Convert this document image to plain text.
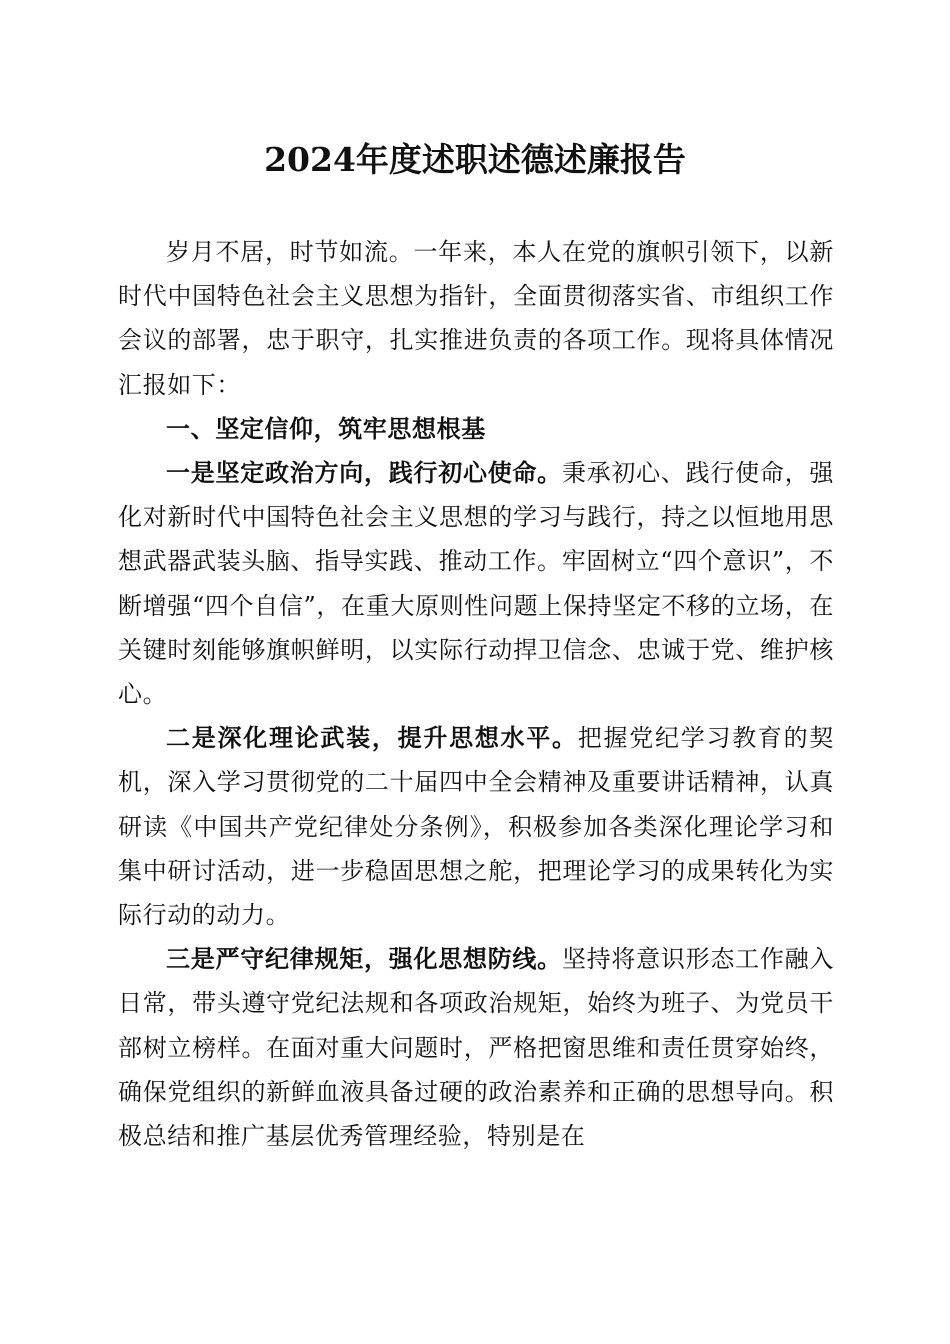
2024年度述职述德述廉报告

岁月不居，时节如流。一年来，本人在党的旗帜引领下，以新时代中国特色社会主义思想为指针，全面贯彻落实省、市组织工作会议的部署，忠于职守，扎实推进负责的各项工作。现将具体情况汇报如下：

一、坚定信仰，筑牢思想根基

一是坚定政治方向，践行初心使命。秉承初心、践行使命，强化对新时代中国特色社会主义思想的学习与践行，持之以恒地用思想武器武装头脑、指导实践、推动工作。牢固树立“四个意识”，不断增强“四个自信”，在重大原则性问题上保持坚定不移的立场，在关键时刻能够旗帜鲜明，以实际行动捍卫信念、忠诚于党、维护核心。

二是深化理论武装，提升思想水平。把握党纪学习教育的契机，深入学习贯彻党的二十届四中全会精神及重要讲话精神，认真研读《中国共产党纪律处分条例》，积极参加各类深化理论学习和集中研讨活动，进一步稳固思想之舵，把理论学习的成果转化为实际行动的动力。

三是严守纪律规矩，强化思想防线。坚持将意识形态工作融入日常，带头遵守党纪法规和各项政治规矩，始终为班子、为党员干部树立榜样。在面对重大问题时，严格把窗思维和责任贯穿始终，确保党组织的新鲜血液具备过硬的政治素养和正确的思想导向。积极总结和推广基层优秀管理经验，特别是在
